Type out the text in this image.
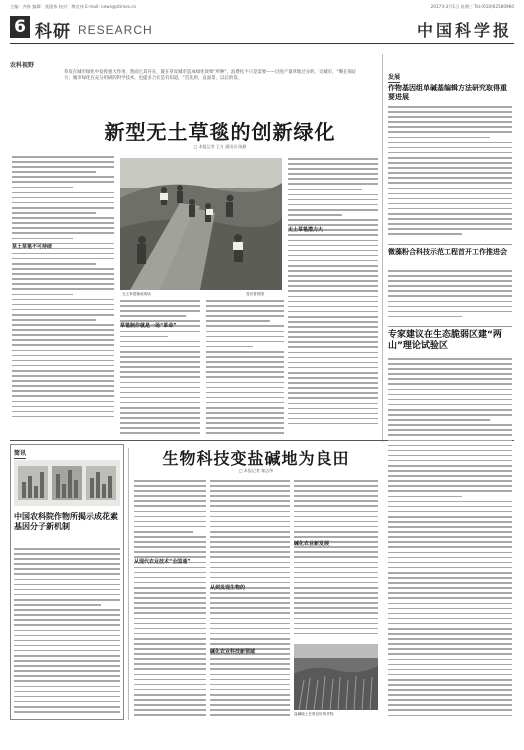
主编：齐鲁 编辑：聂俊伟 校对：傅克伟 E-mail: news@stimes.cn	2017年3月1日 星期三 Tel:(010)62580960
6 科研 RESEARCH	中国科学报
农科视野
草皮在城市绿化中发挥重大作用，然而它其存在，既在草皮城市造成绿化效果“所种”，浪费化不只是需要——过度产量草地过分的，交城市，“剩在保证力；城市绿化在充分用研的科学技术，也提多合在是有知道，“首先的，直面景，以后的景。
新型无土草毯的创新绿化
□ 本报记者 王方 通讯员 陈静
草土草毯不可持续
无土草毯铺设现场	受访者供图
草毯制作就是一场“革命”
无土草毯潜力大
发展
作物基因组单碱基编辑方法研究取得重要进展
微藻粉合科技示范工程首开工作推进会
专家建议在生态脆弱区建“两山”理论试验区
简讯
中国农科院作物所揭示成花素基因分子新机制
生物科技变盐碱地为良田
□ 本报记者 秦志伟
从现代农业技术“全国通”
从到发现生物的
碱化农业科技新领域
碱化农业新发展
盐碱地上长势良好的作物
